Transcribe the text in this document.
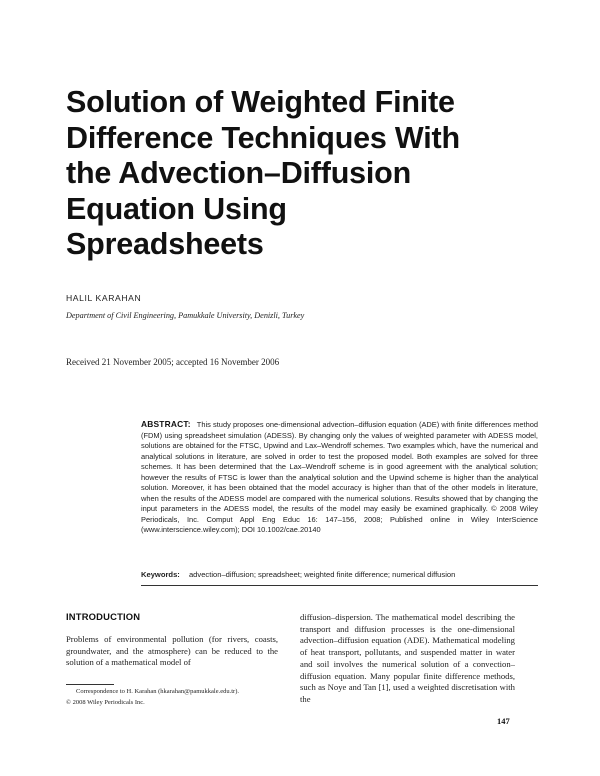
Solution of Weighted Finite
Difference Techniques With
the Advection–Diffusion
Equation Using
Spreadsheets
HALIL KARAHAN
Department of Civil Engineering, Pamukkale University, Denizli, Turkey
Received 21 November 2005; accepted 16 November 2006
ABSTRACT: This study proposes one-dimensional advection–diffusion equation (ADE) with finite differences method (FDM) using spreadsheet simulation (ADESS). By changing only the values of weighted parameter with ADESS model, solutions are obtained for the FTSC, Upwind and Lax–Wendroff schemes. Two examples which, have the numerical and analytical solutions in literature, are solved in order to test the proposed model. Both examples are solved for three schemes. It has been determined that the Lax–Wendroff scheme is in good agreement with the analytical solution; however the results of FTSC is lower than the analytical solution and the Upwind scheme is higher than the analytical solution. Moreover, it has been obtained that the model accuracy is higher than that of the other models in literature, when the results of the ADESS model are compared with the numerical solutions. Results showed that by changing the input parameters in the ADESS model, the results of the model may easily be examined graphically. © 2008 Wiley Periodicals, Inc. Comput Appl Eng Educ 16: 147–156, 2008; Published online in Wiley InterScience (www.interscience.wiley.com); DOI 10.1002/cae.20140
Keywords: advection–diffusion; spreadsheet; weighted finite difference; numerical diffusion
INTRODUCTION
Problems of environmental pollution (for rivers, coasts, groundwater, and the atmosphere) can be reduced to the solution of a mathematical model of
diffusion–dispersion. The mathematical model describing the transport and diffusion processes is the one-dimensional advection–diffusion equation (ADE). Mathematical modeling of heat transport, pollutants, and suspended matter in water and soil involves the numerical solution of a convection–diffusion equation. Many popular finite difference methods, such as Noye and Tan [1], used a weighted discretisation with the
Correspondence to H. Karahan (hkarahan@pamukkale.edu.tr).
© 2008 Wiley Periodicals Inc.
147
